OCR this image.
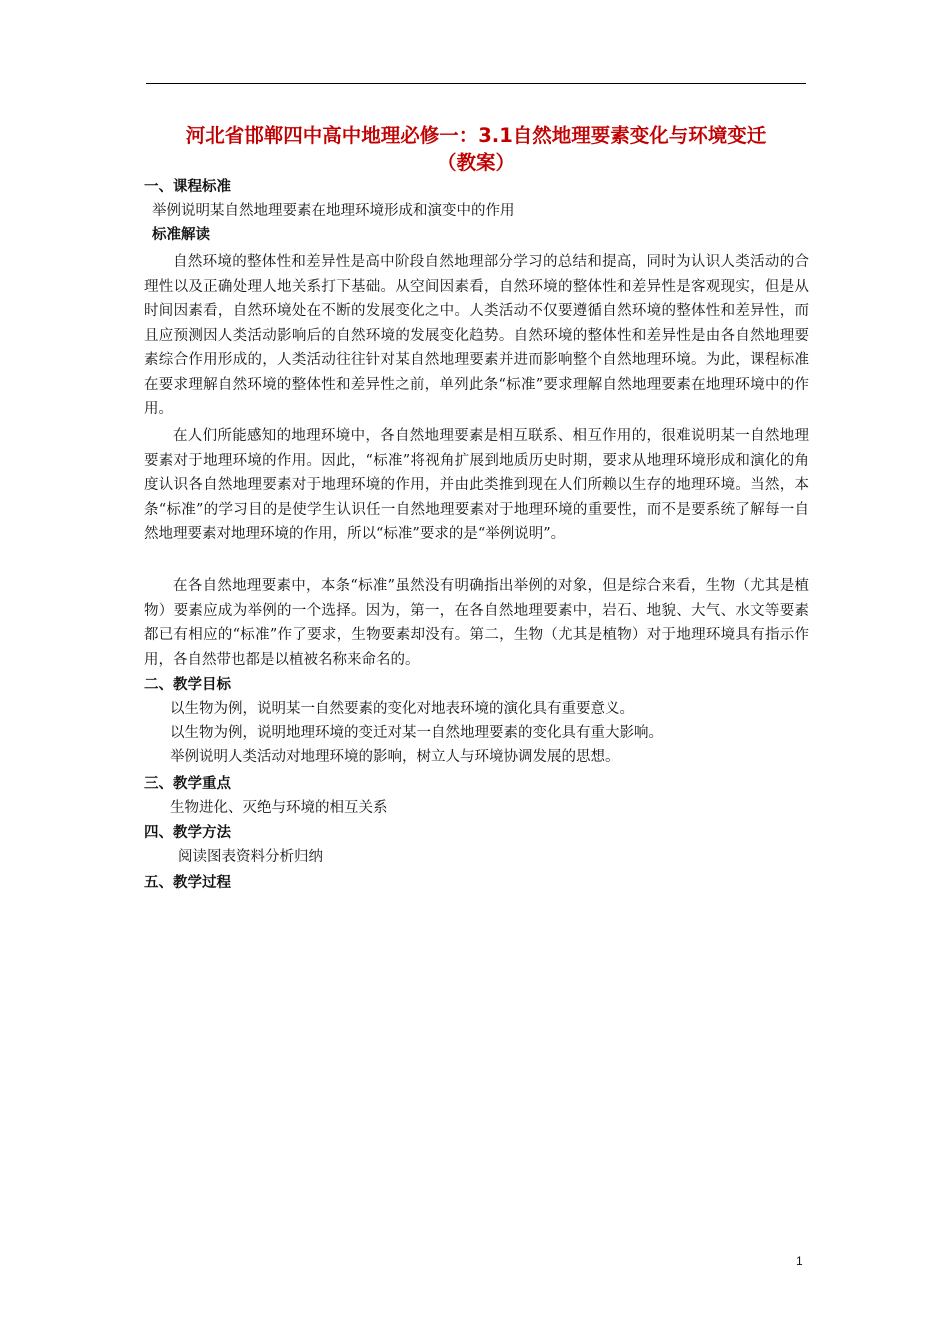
河北省邯郸四中高中地理必修一：3.1自然地理要素变化与环境变迁
（教案）
一、课程标准
举例说明某自然地理要素在地理环境形成和演变中的作用
标准解读
自然环境的整体性和差异性是高中阶段自然地理部分学习的总结和提高，同时为认识人类活动的合理性以及正确处理人地关系打下基础。从空间因素看，自然环境的整体性和差异性是客观现实，但是从时间因素看，自然环境处在不断的发展变化之中。人类活动不仅要遵循自然环境的整体性和差异性，而且应预测因人类活动影响后的自然环境的发展变化趋势。自然环境的整体性和差异性是由各自然地理要素综合作用形成的，人类活动往往针对某自然地理要素并进而影响整个自然地理环境。为此，课程标准在要求理解自然环境的整体性和差异性之前，单列此条“标准”要求理解自然地理要素在地理环境中的作用。
在人们所能感知的地理环境中，各自然地理要素是相互联系、相互作用的，很难说明某一自然地理要素对于地理环境的作用。因此，“标准”将视角扩展到地质历史时期，要求从地理环境形成和演化的角度认识各自然地理要素对于地理环境的作用，并由此类推到现在人们所赖以生存的地理环境。当然，本条“标准”的学习目的是使学生认识任一自然地理要素对于地理环境的重要性，而不是要系统了解每一自然地理要素对地理环境的作用，所以“标准”要求的是“举例说明”。
在各自然地理要素中，本条“标准”虽然没有明确指出举例的对象，但是综合来看，生物（尤其是植物）要素应成为举例的一个选择。因为，第一，在各自然地理要素中，岩石、地貌、大气、水文等要素都已有相应的“标准”作了要求，生物要素却没有。第二，生物（尤其是植物）对于地理环境具有指示作用，各自然带也都是以植被名称来命名的。
二、教学目标
以生物为例，说明某一自然要素的变化对地表环境的演化具有重要意义。
以生物为例，说明地理环境的变迁对某一自然地理要素的变化具有重大影响。
举例说明人类活动对地理环境的影响，树立人与环境协调发展的思想。
三、教学重点
生物进化、灭绝与环境的相互关系
四、教学方法
阅读图表资料分析归纳
五、教学过程
1
